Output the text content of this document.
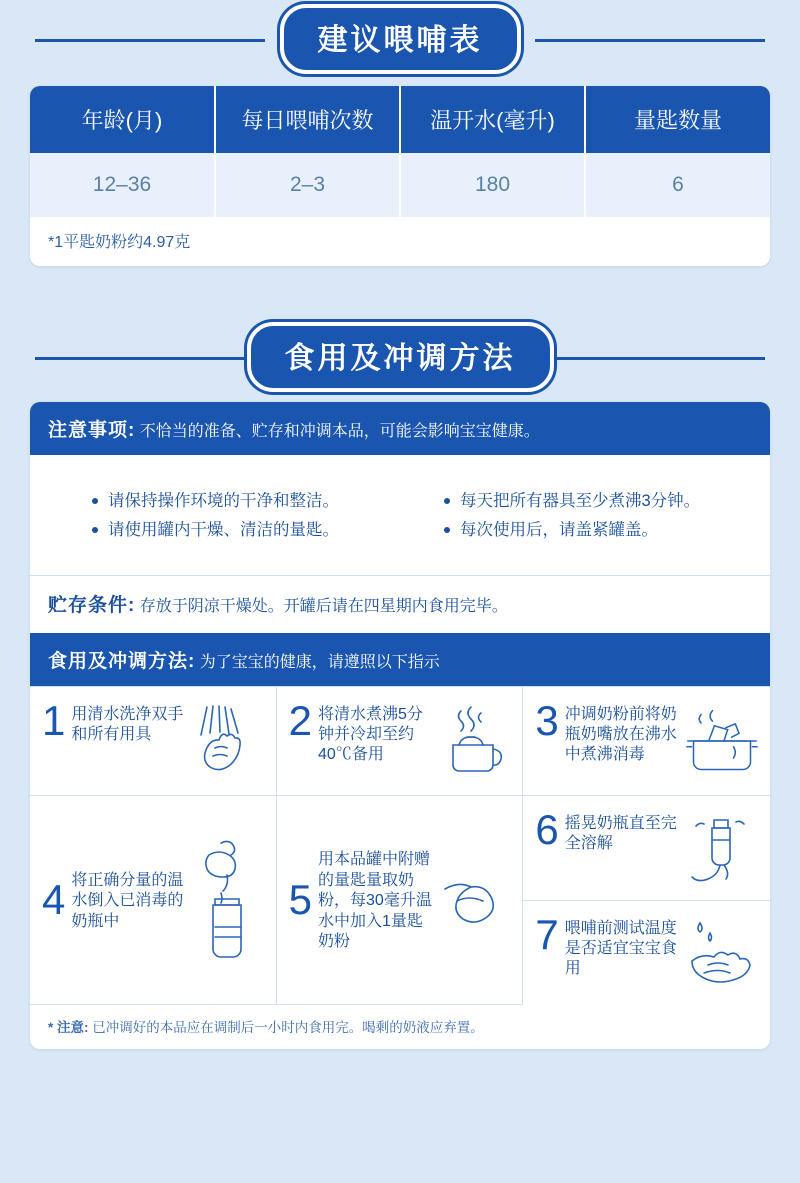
建议喂哺表
年龄(月)	每日喂哺次数	温开水(毫升)	量匙数量
12–36	2–3	180	6
*1平匙奶粉约4.97克
食用及冲调方法
注意事项: 不恰当的准备、贮存和冲调本品，可能会影响宝宝健康。
请保持操作环境的干净和整洁。
请使用罐内干燥、清洁的量匙。
每天把所有器具至少煮沸3分钟。
每次使用后，请盖紧罐盖。
贮存条件: 存放于阴凉干燥处。开罐后请在四星期内食用完毕。
食用及冲调方法: 为了宝宝的健康，请遵照以下指示
1 用清水洗净双手和所有用具	2 将清水煮沸5分钟并冷却至约40℃备用
3 冲调奶粉前将奶瓶奶嘴放在沸水中煮沸消毒
4 将正确分量的温水倒入已消毒的奶瓶中	5
用本品罐中附赠的量匙量取奶粉，每30毫升温水中加入1量匙奶粉
6 摇晃奶瓶直至完全溶解
7 喂哺前测试温度是否适宜宝宝食用
* 注意: 已冲调好的本品应在调制后一小时内食用完。喝剩的奶液应弃置。
